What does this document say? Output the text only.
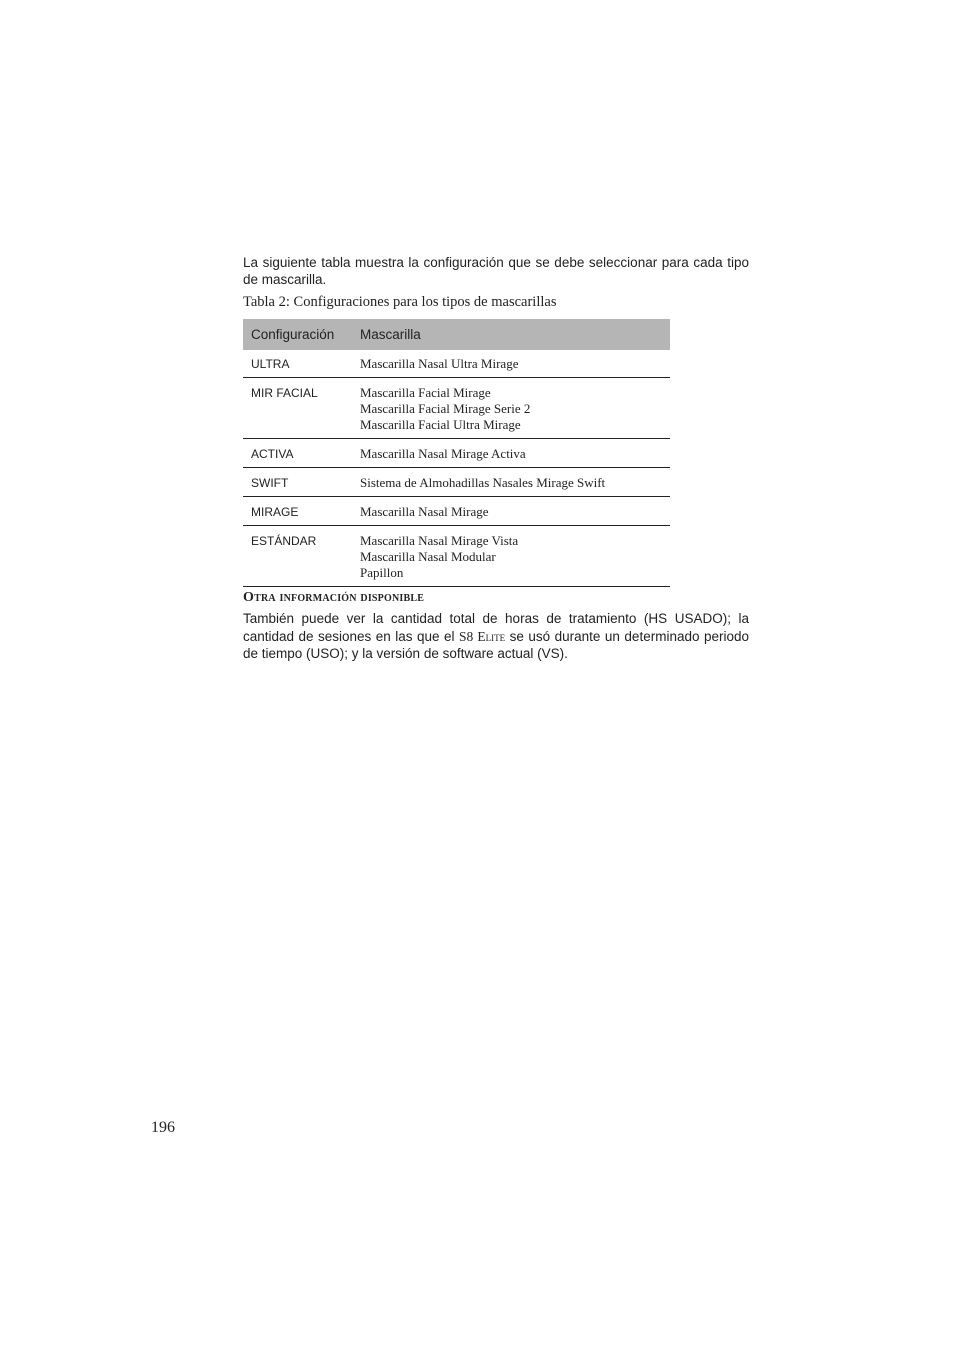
La siguiente tabla muestra la configuración que se debe seleccionar para cada tipo de mascarilla.

Tabla 2: Configuraciones para los tipos de mascarillas

Configuración	Mascarilla
ULTRA	Mascarilla Nasal Ultra Mirage

MIR FACIAL	Mascarilla Facial Mirage
Mascarilla Facial Mirage Serie 2
Mascarilla Facial Ultra Mirage

ACTIVA	Mascarilla Nasal Mirage Activa

SWIFT	Sistema de Almohadillas Nasales Mirage Swift

MIRAGE	Mascarilla Nasal Mirage

ESTÁNDAR	Mascarilla Nasal Mirage Vista
Mascarilla Nasal Modular
Papillon
Otra información disponible

También puede ver la cantidad total de horas de tratamiento (HS USADO); la cantidad de sesiones en las que el S8 Elite se usó durante un determinado periodo de tiempo (USO); y la versión de software actual (VS).

196
